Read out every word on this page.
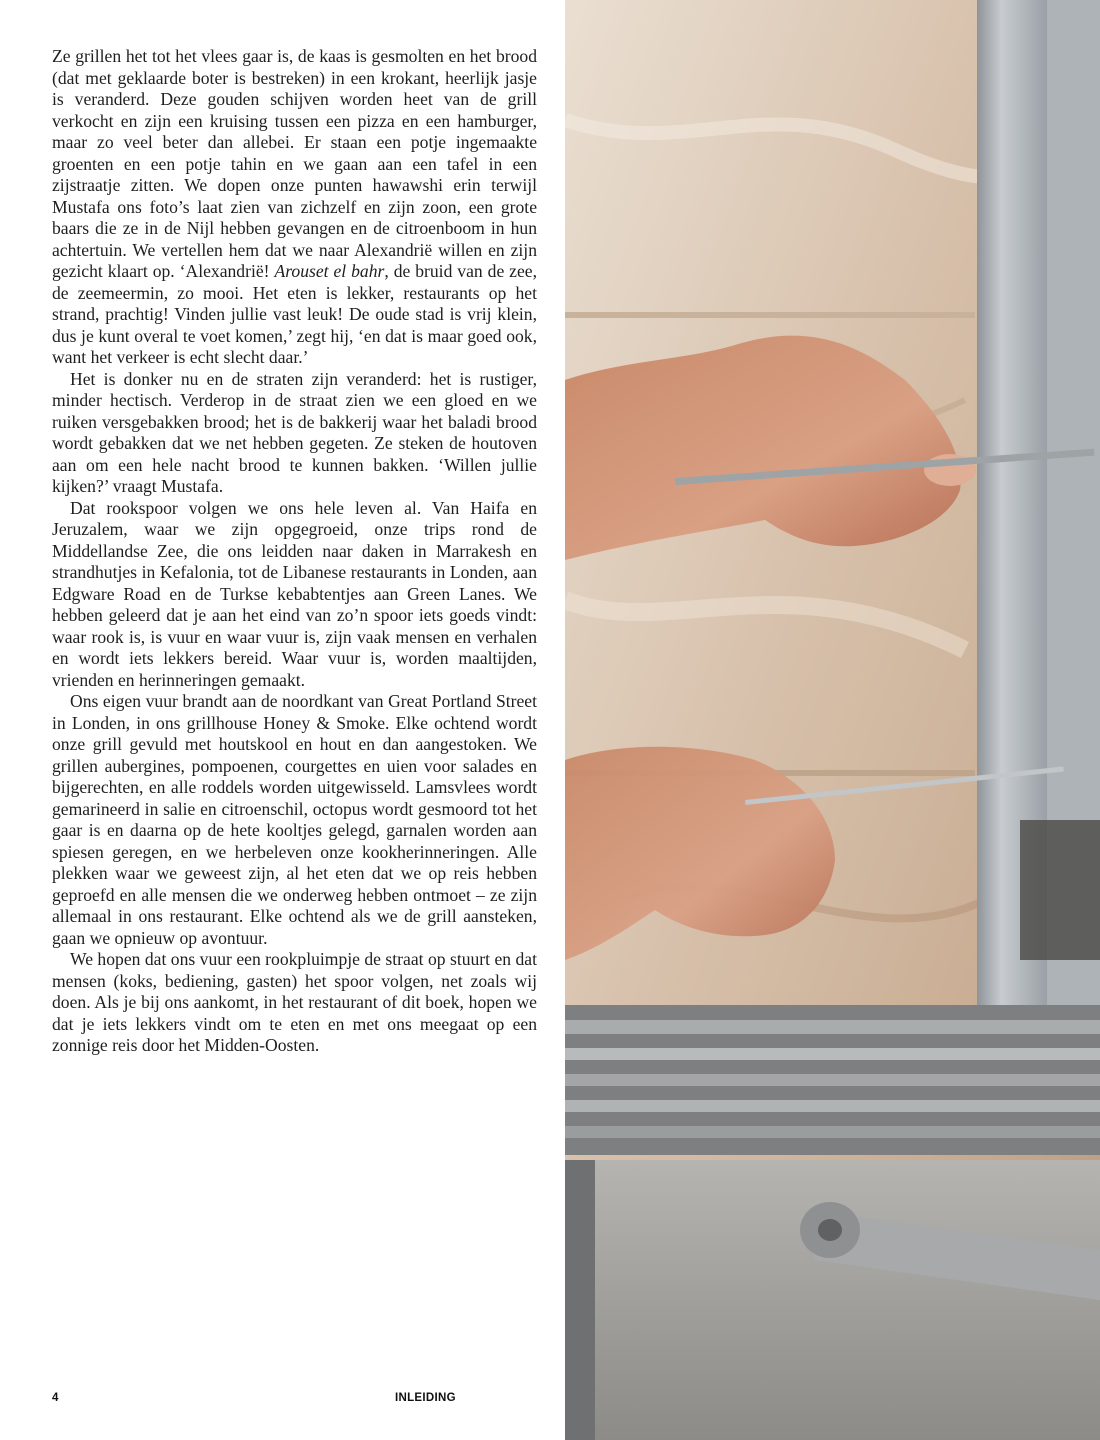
Ze grillen het tot het vlees gaar is, de kaas is gesmolten en het brood (dat met geklaarde boter is bestreken) in een krokant, heerlijk jasje is veranderd. Deze gouden schijven worden heet van de grill verkocht en zijn een kruising tussen een pizza en een hamburger, maar zo veel beter dan allebei. Er staan een potje ingemaakte groenten en een potje tahin en we gaan aan een tafel in een zijstraatje zitten. We dopen onze punten hawawshi erin terwijl Mustafa ons foto’s laat zien van zichzelf en zijn zoon, een grote baars die ze in de Nijl hebben gevangen en de citroenboom in hun achtertuin. We vertellen hem dat we naar Alexandrië willen en zijn gezicht klaart op. ‘Alexandrië! Arouset el bahr, de bruid van de zee, de zeemeermin, zo mooi. Het eten is lekker, restaurants op het strand, prachtig! Vinden jullie vast leuk! De oude stad is vrij klein, dus je kunt overal te voet komen,’ zegt hij, ‘en dat is maar goed ook, want het verkeer is echt slecht daar.’

Het is donker nu en de straten zijn veranderd: het is rustiger, minder hectisch. Verderop in de straat zien we een gloed en we ruiken versgebakken brood; het is de bakkerij waar het baladi brood wordt gebakken dat we net hebben gegeten. Ze steken de houtoven aan om een hele nacht brood te kunnen bakken. ‘Willen jullie kijken?’ vraagt Mustafa.

Dat rookspoor volgen we ons hele leven al. Van Haifa en Jeruzalem, waar we zijn opgegroeid, onze trips rond de Middellandse Zee, die ons leidden naar daken in Marrakesh en strandhutjes in Kefalonia, tot de Libanese restaurants in Londen, aan Edgware Road en de Turkse kebabtentjes aan Green Lanes. We hebben geleerd dat je aan het eind van zo’n spoor iets goeds vindt: waar rook is, is vuur en waar vuur is, zijn vaak mensen en verhalen en wordt iets lekkers bereid. Waar vuur is, worden maaltijden, vrienden en herinneringen gemaakt.

Ons eigen vuur brandt aan de noordkant van Great Portland Street in Londen, in ons grillhouse Honey & Smoke. Elke ochtend wordt onze grill gevuld met houtskool en hout en dan aangestoken. We grillen aubergines, pompoenen, courgettes en uien voor salades en bijgerechten, en alle roddels worden uitgewisseld. Lamsvlees wordt gemarineerd in salie en citroenschil, octopus wordt gesmoord tot het gaar is en daarna op de hete kooltjes gelegd, garnalen worden aan spiesen geregen, en we herbeleven onze kookherinneringen. Alle plekken waar we geweest zijn, al het eten dat we op reis hebben geproefd en alle mensen die we onderweg hebben ontmoet – ze zijn allemaal in ons restaurant. Elke ochtend als we de grill aansteken, gaan we opnieuw op avontuur.

We hopen dat ons vuur een rookpluimpje de straat op stuurt en dat mensen (koks, bediening, gasten) het spoor volgen, net zoals wij doen. Als je bij ons aankomt, in het restaurant of dit boek, hopen we dat je iets lekkers vindt om te eten en met ons meegaat op een zonnige reis door het Midden-Oosten.

4	INLEIDING
